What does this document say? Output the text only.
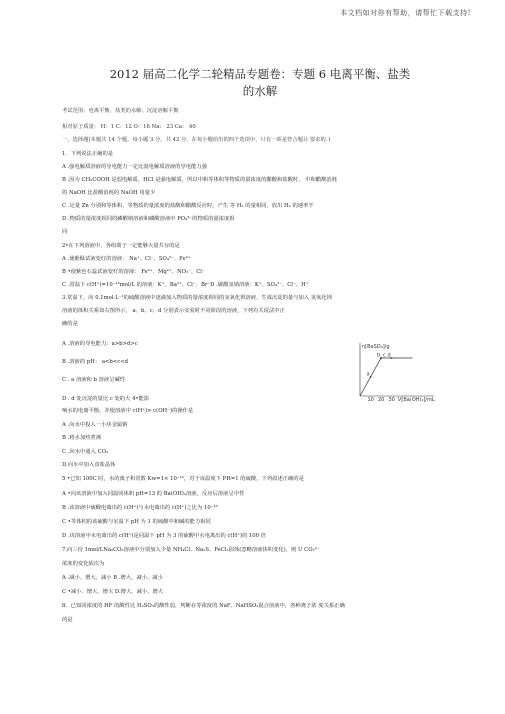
本文档如对你有帮助，请帮忙下载支持!
2012 届高二化学二轮精品专题卷：专题 6 电离平衡、盐类
的水解
考试范围：电离平衡、盐类的水解；沉淀溶解平衡
相对原子质量： H：1 C：12 O：16 Na： 23 Ca： 40
一、选择题(本题共 14 个题，每小题 3 分，共 42 分．在每小题给出的四个选项中，只有一项是符合题目 要求的．)
1．下列说法正确的是
A .强电解质溶液的导电能力一定比弱电解质溶液的导电能力强
B .因为 CH₃COOH 是弱电解质，HCl 是强电解质，所以中和等体积等物质的量浓度的醋酸和盐酸时， 中和醋酸消耗
的 NaOH 比盐酸消耗的 NaOH 用量少
C .足量 Zn 分别和等体积、等物质的量浓度的盐酸和醋酸反应时，产生 等 H₂ 的量相同，放出 H₂ 的速率不
D .物质的量浓度相同的磷酸钠溶液和磷酸溶液中 PO₄³⁻的物质的量浓度相
同
2•在下列溶液中，各组离子一定能够大量共存的是
A .使酚酞试液变红的溶液： Na⁺、Cl⁻、SO₄²⁻、Fe³⁺
B •使紫色石蕊试液变红的溶液： Fe²⁺、Mg²⁺、NO₃⁻、Cl⁻
C .常温下 c(H⁺)=10⁻¹²mol/L 的溶液：K⁺、Ba²⁺、Cl⁻、Br⁻D .碳酸氢钠溶液：K⁺、SO₄²⁻、Cl⁻、H⁺
3.常温下，向 0.1mol·L⁻¹的硫酸溶液中逐滴加入物质的量浓度相同的氢氧化钡溶液，生成沉淀的量与加入 氢氧化钡
溶液的体积关系如右图所示， a、b、c、d 分别表示实验时不同阶段的溶液，下列有关说法中正
确的是
A .溶液的导电能力：a>b>d>c
B .溶液的 pH： a<b<c<d
C . a 溶液和 b 溶液呈碱性
D . d 处沉淀的量比 c 处的大 4•能影
响水的电离平衡，并使溶液中 c(H⁺)> c(OH⁻)的操作是
A .向水中投入一小块金属钠
B .将水加热煮沸
C .向水中通入 CO₂
D.向水中加入食盐晶体
5 •已知 100C 时，水的离子积常数 Kw=1× 10⁻¹²，对于该温度下 PH=1 的硫酸，下列叙述正确的是
A •向该溶液中加入同温同体积 pH=13 的 Ba(OH)₂溶液，反应后溶液呈中性
B .该溶液中硫酸电离出的 c(H⁺)与水电离出的 c(H⁺)之比为 10⁻¹⁰
C •等体积的该硫酸与室温下 pH 为 1 的硫酸中和碱的能力相同
D .该溶液中水电离出的 c(H⁺)是同温下 pH 为 3 的硫酸中水电离出的 c(H⁺)的 100 倍
7.向三份 1mol/LNa₂CO₃溶液中分别加入少量 NH₄Cl、Na₂S、FeCl₃固体(忽略溶液体积变化)，则 U CO₃²⁻
浓度的变化依次为
A .减小、增大、减小 B .增大、减小、减小
C •减小、增大、增大 D.增大、减小、增大
8．已知同浓度的 HF 的酸性比 H₂SO₃的酸性弱，判断在等浓度的 NaF、NaHSO₃混合溶液中，各种离子浓 度关系正确
的是
n[BaSO₄]/g
V[Ba(OH)₂]/mL
10 20 30
a
b c d
